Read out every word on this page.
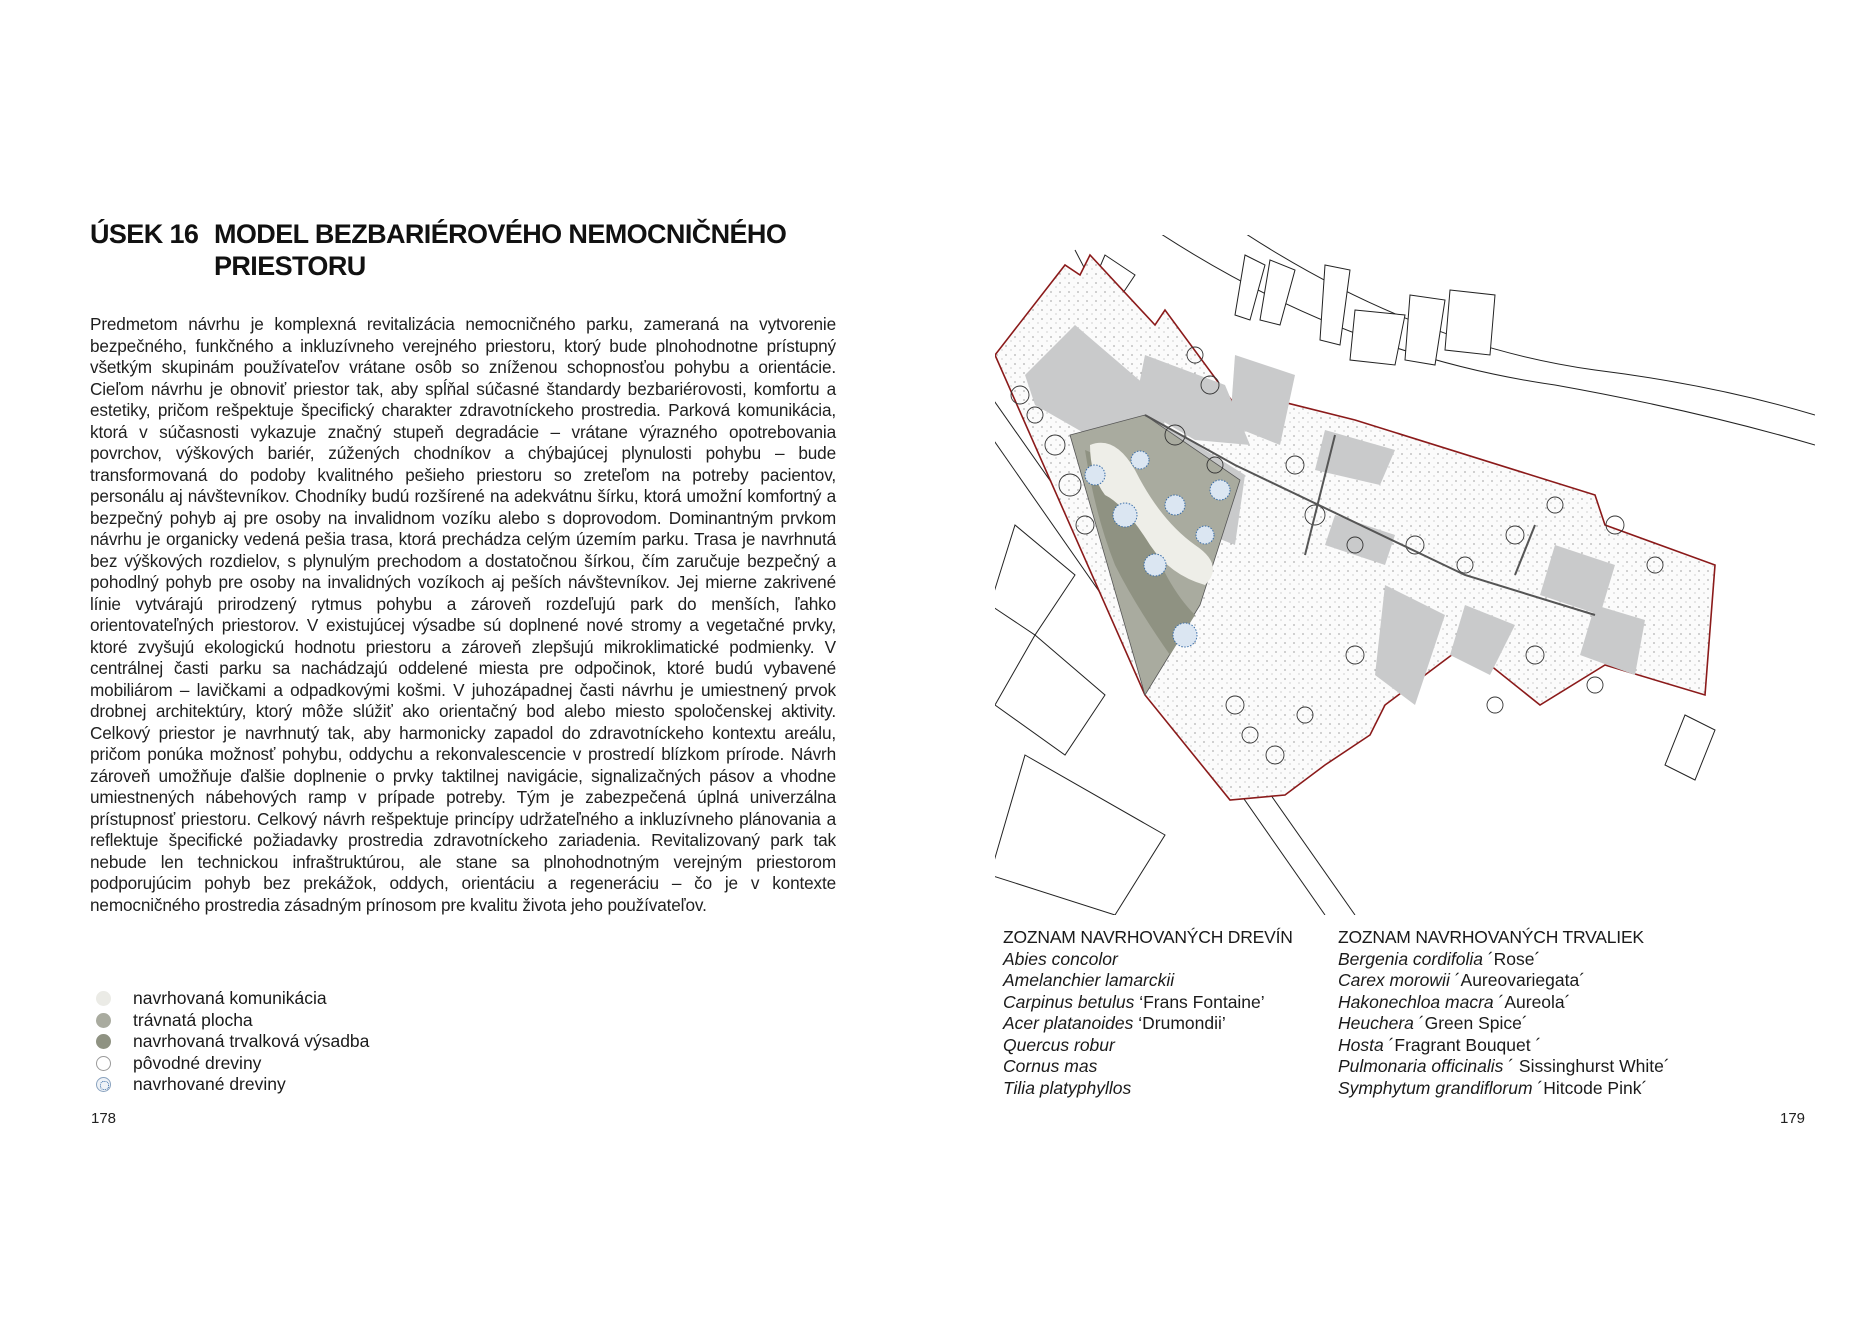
ÚSEK 16 MODEL BEZBARIÉROVÉHO NEMOCNIČNÉHO
PRIESTORU
Predmetom návrhu je komplexná revitalizácia nemocničného parku, zameraná na vytvorenie bezpečného, funkčného a inkluzívneho verejného priestoru, ktorý bude plnohodnotne prístupný všetkým skupinám používateľov vrátane osôb so zníženou schopnosťou pohybu a orientácie. Cieľom návrhu je obnoviť priestor tak, aby spĺňal súčasné štandardy bezbariérovosti, komfortu a estetiky, pričom rešpektuje špecifický charakter zdravotníckeho prostredia. Parková komunikácia, ktorá v súčasnosti vykazuje značný stupeň degradácie – vrátane výrazného opotrebovania povrchov, výškových bariér, zúžených chodníkov a chýbajúcej plynulosti pohybu – bude transformovaná do podoby kvalitného pešieho priestoru so zreteľom na potreby pacientov, personálu aj návštevníkov. Chodníky budú rozšírené na adekvátnu šírku, ktorá umožní komfortný a bezpečný pohyb aj pre osoby na invalidnom vozíku alebo s doprovodom. Dominantným prvkom návrhu je organicky vedená pešia trasa, ktorá prechádza celým územím parku. Trasa je navrhnutá bez výškových rozdielov, s plynulým prechodom a dostatočnou šírkou, čím zaručuje bezpečný a pohodlný pohyb pre osoby na invalidných vozíkoch aj peších návštevníkov. Jej mierne zakrivené línie vytvárajú prirodzený rytmus pohybu a zároveň rozdeľujú park do menších, ľahko orientovateľných priestorov. V existujúcej výsadbe sú doplnené nové stromy a vegetačné prvky, ktoré zvyšujú ekologickú hodnotu priestoru a zároveň zlepšujú mikroklimatické podmienky. V centrálnej časti parku sa nachádzajú oddelené miesta pre odpočinok, ktoré budú vybavené mobiliárom – lavičkami a odpadkovými košmi. V juhozápadnej časti návrhu je umiestnený prvok drobnej architektúry, ktorý môže slúžiť ako orientačný bod alebo miesto spoločenskej aktivity. Celkový priestor je navrhnutý tak, aby harmonicky zapadol do zdravotníckeho kontextu areálu, pričom ponúka možnosť pohybu, oddychu a rekonvalescencie v prostredí blízkom prírode. Návrh zároveň umožňuje ďalšie doplnenie o prvky taktilnej navigácie, signalizačných pásov a vhodne umiestnených nábehových ramp v prípade potreby. Tým je zabezpečená úplná univerzálna prístupnosť priestoru. Celkový návrh rešpektuje princípy udržateľného a inkluzívneho plánovania a reflektuje špecifické požiadavky prostredia zdravotníckeho zariadenia. Revitalizovaný park tak nebude len technickou infraštruktúrou, ale stane sa plnohodnotným verejným priestorom podporujúcim pohyb bez prekážok, oddych, orientáciu a regeneráciu – čo je v kontexte nemocničného prostredia zásadným prínosom pre kvalitu života jeho používateľov.
navrhovaná komunikácia
trávnatá plocha
navrhovaná trvalková výsadba
pôvodné dreviny
navrhované dreviny
178
ZOZNAM NAVRHOVANÝCH DREVÍN
Abies concolor
Amelanchier lamarckii
Carpinus betulus ‘Frans Fontaine’
Acer platanoides ‘Drumondii’
Quercus robur
Cornus mas
Tilia platyphyllos
ZOZNAM NAVRHOVANÝCH TRVALIEK
Bergenia cordifolia ´Rose´
Carex morowii ´Aureovariegata´
Hakonechloa macra ´Aureola´
Heuchera ´Green Spice´
Hosta ´Fragrant Bouquet ´
Pulmonaria officinalis ´ Sissinghurst White´
Symphytum grandiflorum ´Hitcode Pink´
179
